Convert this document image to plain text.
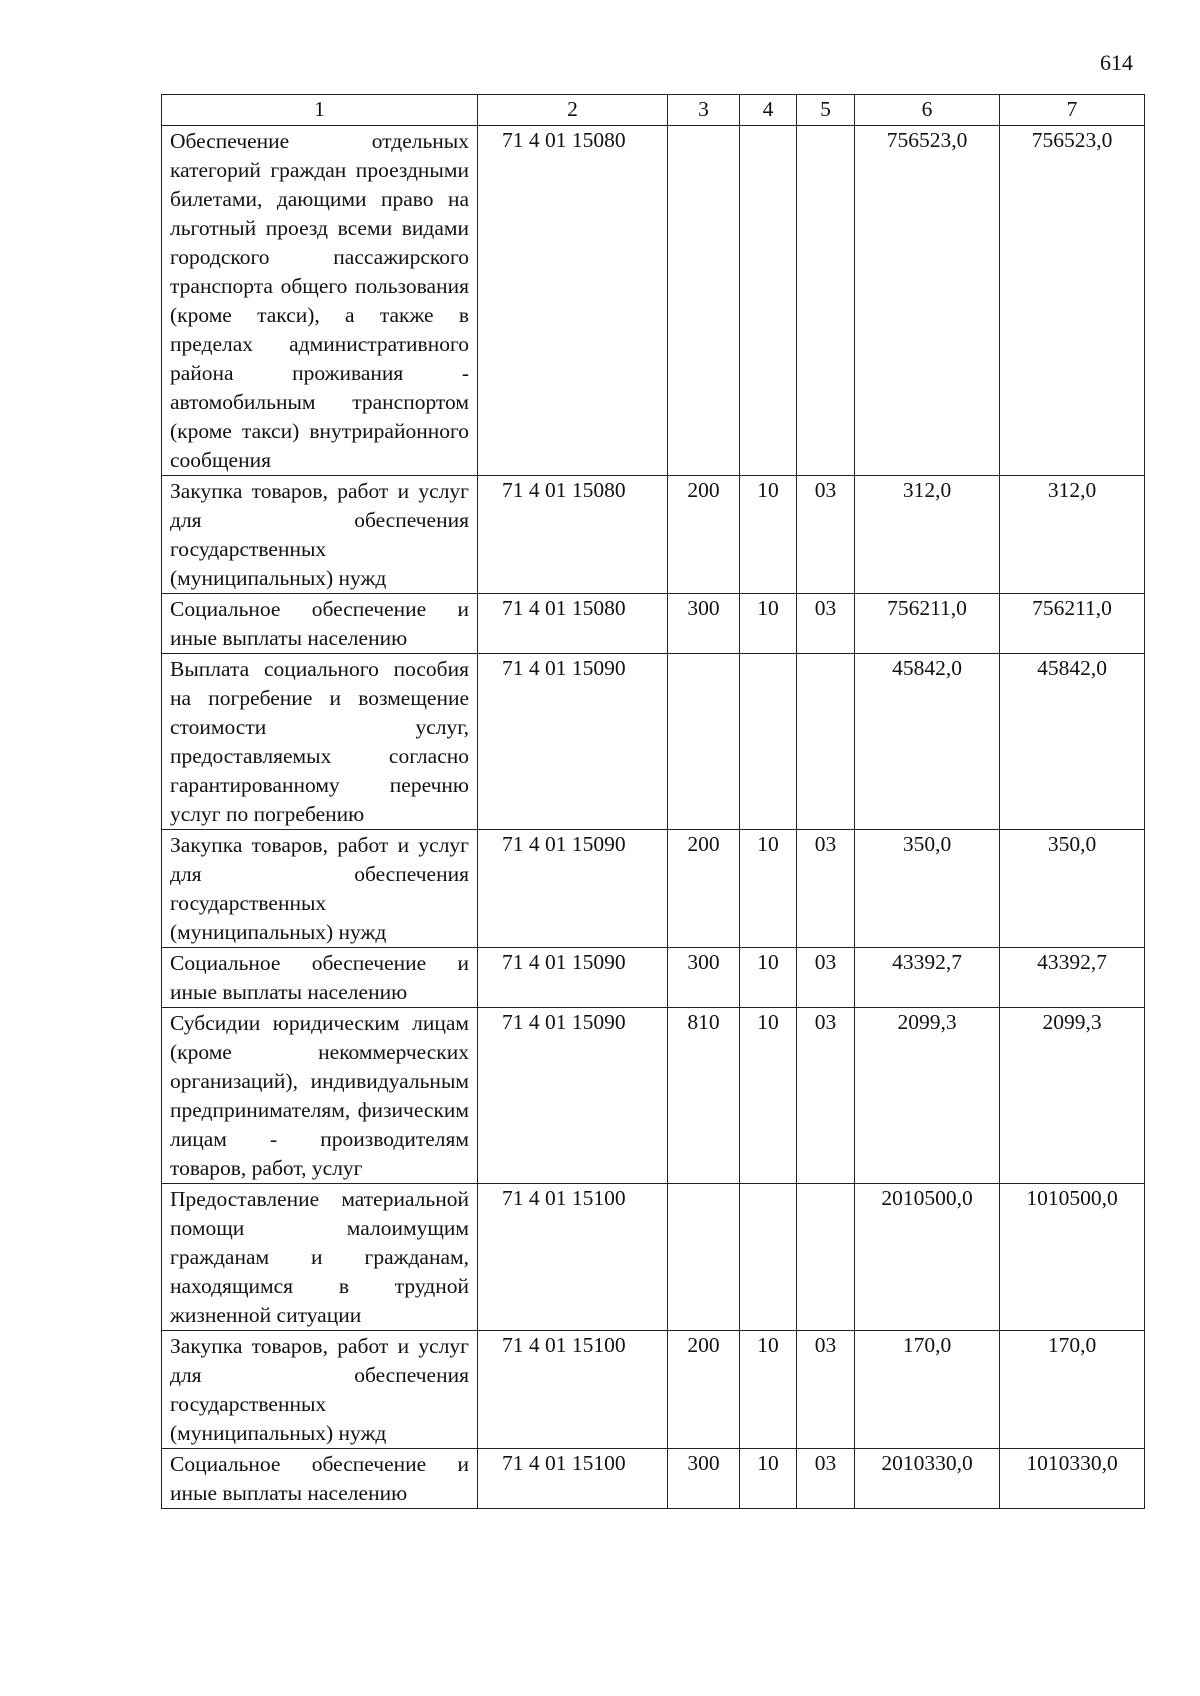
614
1	2	3	4	5	6	7
Обеспечение отдельных категорий граждан проездными билетами, дающими право на льготный проезд всеми видами городского пассажирского транспорта общего пользования (кроме такси), а также в пределах административного района проживания - автомобильным транспортом (кроме такси) внутрирайонного сообщения	71 4 01 15080				756523,0	756523,0
Закупка товаров, работ и услуг для обеспечения государственных (муниципальных) нужд	71 4 01 15080	200	10	03	312,0	312,0
Социальное обеспечение и иные выплаты населению	71 4 01 15080	300	10	03	756211,0	756211,0
Выплата социального пособия на погребение и возмещение стоимости услуг, предоставляемых согласно гарантированному перечню услуг по погребению	71 4 01 15090				45842,0	45842,0
Закупка товаров, работ и услуг для обеспечения государственных (муниципальных) нужд	71 4 01 15090	200	10	03	350,0	350,0
Социальное обеспечение и иные выплаты населению	71 4 01 15090	300	10	03	43392,7	43392,7
Субсидии юридическим лицам (кроме некоммерческих организаций), индивидуальным предпринимателям, физическим лицам - производителям товаров, работ, услуг	71 4 01 15090	810	10	03	2099,3	2099,3
Предоставление материальной помощи малоимущим гражданам и гражданам, находящимся в трудной жизненной ситуации	71 4 01 15100				2010500,0	1010500,0
Закупка товаров, работ и услуг для обеспечения государственных (муниципальных) нужд	71 4 01 15100	200	10	03	170,0	170,0
Социальное обеспечение и иные выплаты населению	71 4 01 15100	300	10	03	2010330,0	1010330,0
